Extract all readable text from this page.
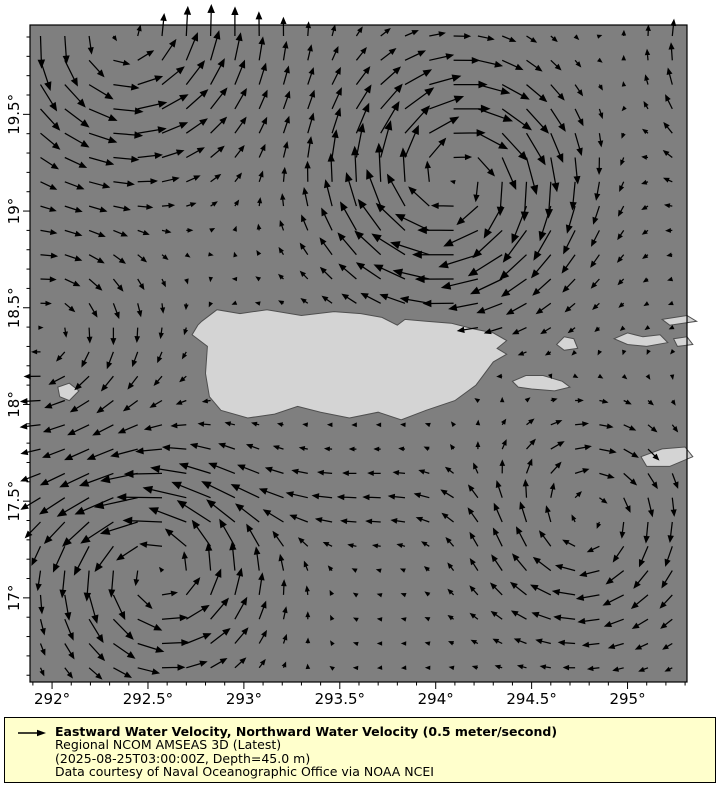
292°	292.5°	293°	293.5°	294°	294.5°	295°
19.5°
19°
18.5°
18°
17.5°
17°
Eastward Water Velocity, Northward Water Velocity (0.5 meter/second)
Regional NCOM AMSEAS 3D (Latest)
(2025-08-25T03:00:00Z, Depth=45.0 m)
Data courtesy of Naval Oceanographic Office via NOAA NCEI
